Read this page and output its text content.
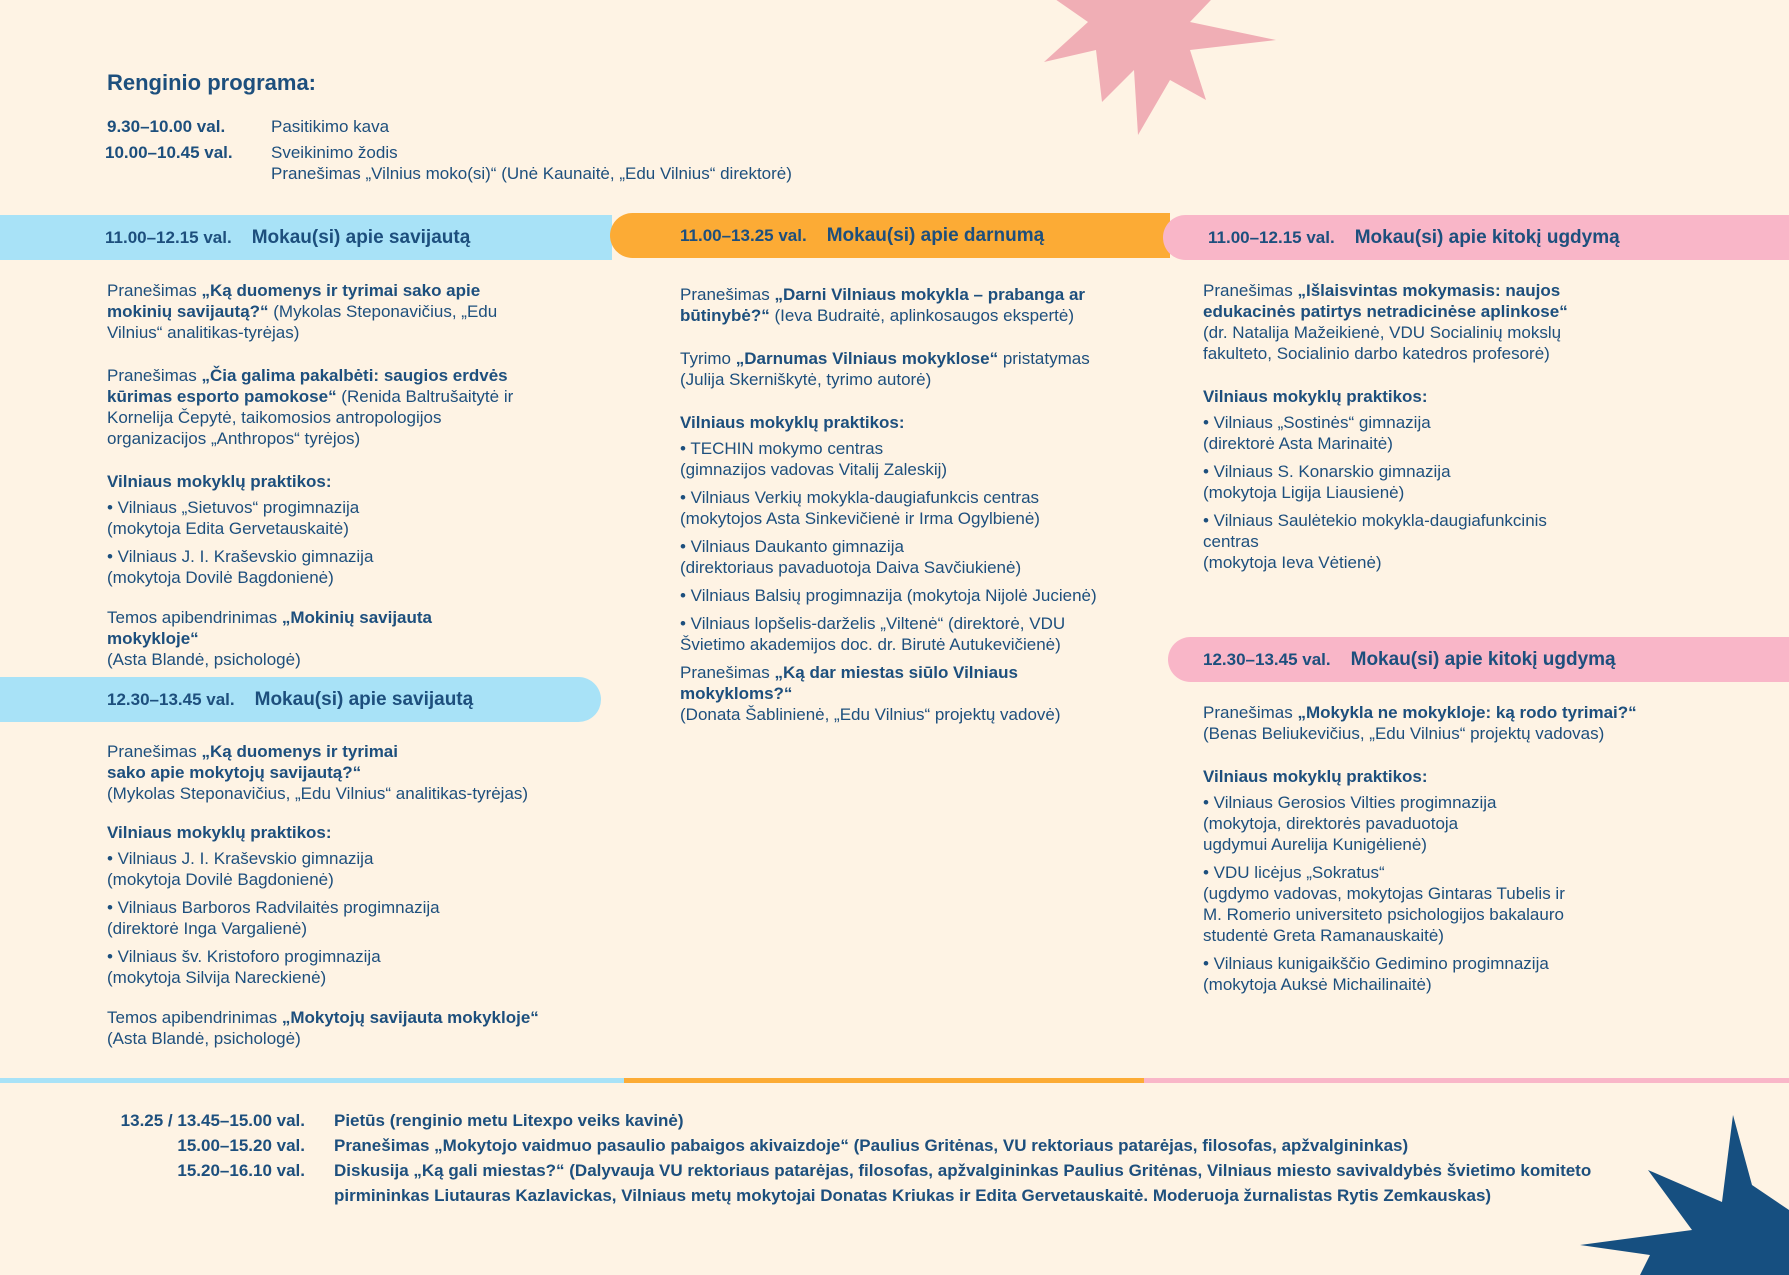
Renginio programa:
9.30–10.00 val.	Pasitikimo kava
10.00–10.45 val. Sveikinimo žodis
Pranešimas „Vilnius moko(si)“ (Unė Kaunaitė, „Edu Vilnius“ direktorė)
11.00–12.15 val. Mokau(si) apie savijautą	11.00–13.25 val. Mokau(si) apie darnumą	11.00–12.15 val. Mokau(si) apie kitokį ugdymą
12.30–13.45 val. Mokau(si) apie savijautą
12.30–13.45 val. Mokau(si) apie kitokį ugdymą

Pranešimas „Ką duomenys ir tyrimai sako apie mokinių savijautą?“ (Mykolas Steponavičius, „Edu Vilnius“ analitikas-tyrėjas)

Pranešimas „Čia galima pakalbėti: saugios erdvės kūrimas esporto pamokose“ (Renida Baltrušaitytė ir Kornelija Čepytė, taikomosios antropologijos organizacijos „Anthropos“ tyrėjos)

Vilniaus mokyklų praktikos:
• Vilniaus „Sietuvos“ progimnazija
(mokytoja Edita Gervetauskaitė)
• Vilniaus J. I. Kraševskio gimnazija
(mokytoja Dovilė Bagdonienė)
Temos apibendrinimas „Mokinių savijauta mokykloje“
(Asta Blandė, psichologė)

Pranešimas „Ką duomenys ir tyrimai
sako apie mokytojų savijautą?“
(Mykolas Steponavičius, „Edu Vilnius“ analitikas-tyrėjas)

Vilniaus mokyklų praktikos:
• Vilniaus J. I. Kraševskio gimnazija
(mokytoja Dovilė Bagdonienė)
• Vilniaus Barboros Radvilaitės progimnazija
(direktorė Inga Vargalienė)
• Vilniaus šv. Kristoforo progimnazija
(mokytoja Silvija Nareckienė)
Temos apibendrinimas „Mokytojų savijauta mokykloje“
(Asta Blandė, psichologė)

Pranešimas „Darni Vilniaus mokykla – prabanga ar būtinybė?“ (Ieva Budraitė, aplinkosaugos ekspertė)

Tyrimo „Darnumas Vilniaus mokyklose“ pristatymas
(Julija Skerniškytė, tyrimo autorė)

Vilniaus mokyklų praktikos:
• TECHIN mokymo centras
(gimnazijos vadovas Vitalij Zaleskij)
• Vilniaus Verkių mokykla-daugiafunkcis centras
(mokytojos Asta Sinkevičienė ir Irma Ogylbienė)
• Vilniaus Daukanto gimnazija
(direktoriaus pavaduotoja Daiva Savčiukienė)
• Vilniaus Balsių progimnazija (mokytoja Nijolė Jucienė)
• Vilniaus lopšelis-darželis „Viltenė“ (direktorė, VDU
Švietimo akademijos doc. dr. Birutė Autukevičienė)
Pranešimas „Ką dar miestas siūlo Vilniaus mokykloms?“
(Donata Šablinienė, „Edu Vilnius“ projektų vadovė)

Pranešimas „Išlaisvintas mokymasis: naujos edukacinės patirtys netradicinėse aplinkose“ (dr. Natalija Mažeikienė, VDU Socialinių mokslų fakulteto, Socialinio darbo katedros profesorė)

Vilniaus mokyklų praktikos:
• Vilniaus „Sostinės“ gimnazija
(direktorė Asta Marinaitė)
• Vilniaus S. Konarskio gimnazija
(mokytoja Ligija Liausienė)
• Vilniaus Saulėtekio mokykla-daugiafunkcinis centras
(mokytoja Ieva Vėtienė)

Pranešimas „Mokykla ne mokykloje: ką rodo tyrimai?“
(Benas Beliukevičius, „Edu Vilnius“ projektų vadovas)

Vilniaus mokyklų praktikos:
• Vilniaus Gerosios Vilties progimnazija
(mokytoja, direktorės pavaduotoja
ugdymui Aurelija Kunigėlienė)
• VDU licėjus „Sokratus“
(ugdymo vadovas, mokytojas Gintaras Tubelis ir
M. Romerio universiteto psichologijos bakalauro
studentė Greta Ramanauskaitė)
• Vilniaus kunigaikščio Gedimino progimnazija
(mokytoja Auksė Michailinaitė)
13.25 / 13.45–15.00 val. Pietūs (renginio metu Litexpo veiks kavinė)
15.00–15.20 val. Pranešimas „Mokytojo vaidmuo pasaulio pabaigos akivaizdoje“ (Paulius Gritėnas, VU rektoriaus patarėjas, filosofas, apžvalgininkas)
15.20–16.10 val. Diskusija „Ką gali miestas?“ (Dalyvauja VU rektoriaus patarėjas, filosofas, apžvalgininkas Paulius Gritėnas, Vilniaus miesto savivaldybės švietimo komiteto pirmininkas Liutauras Kazlavickas, Vilniaus metų mokytojai Donatas Kriukas ir Edita Gervetauskaitė. Moderuoja žurnalistas Rytis Zemkauskas)
